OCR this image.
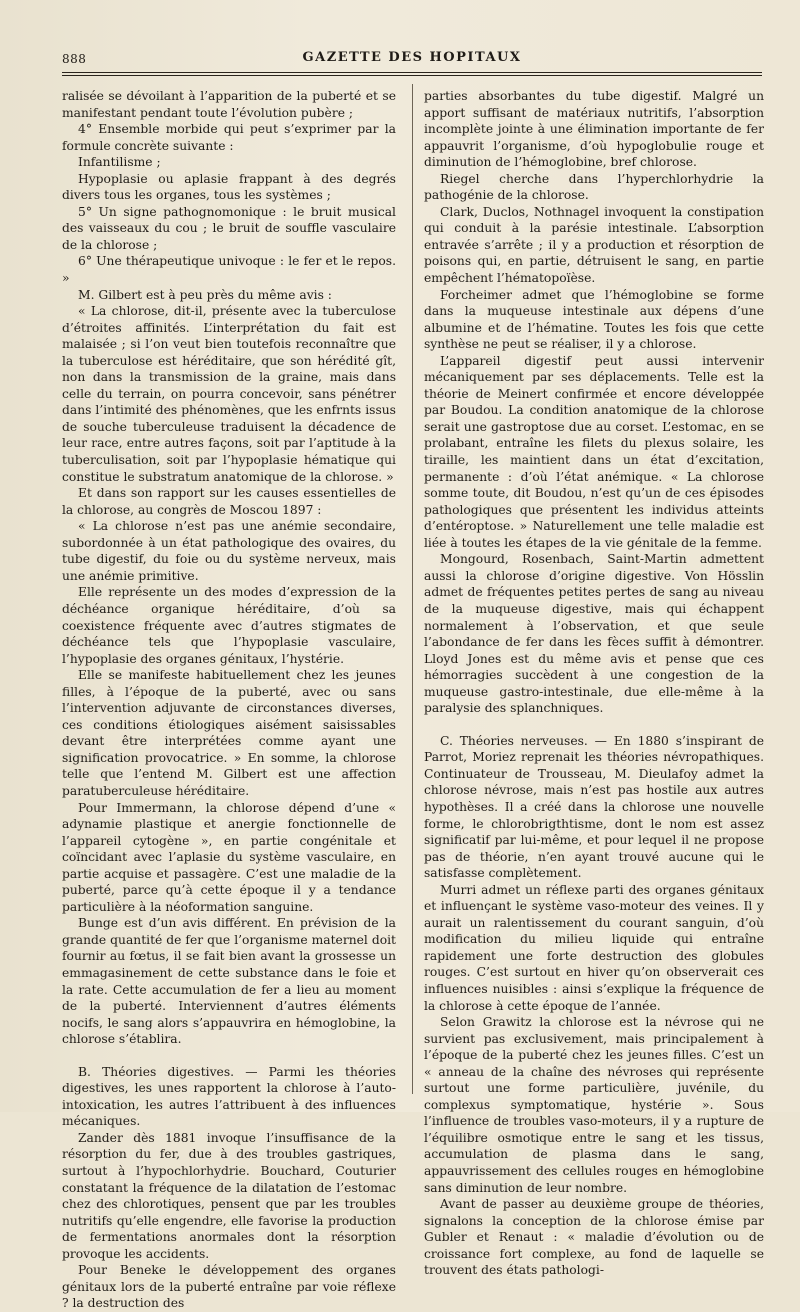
888	GAZETTE DES HOPITAUX

ralisée se dévoilant à l’apparition de la puberté et se manifestant pendant toute l’évolution pubère ;

4° Ensemble morbide qui peut s’exprimer par la formule concrète suivante :

Infantilisme ;

Hypoplasie ou aplasie frappant à des degrés divers tous les organes, tous les systèmes ;

5° Un signe pathognomonique : le bruit musical des vaisseaux du cou ; le bruit de souffle vasculaire de la chlorose ;

6° Une thérapeutique univoque : le fer et le repos. »

M. Gilbert est à peu près du même avis :

« La chlorose, dit-il, présente avec la tuberculose d’étroites affinités. L’interprétation du fait est malaisée ; si l’on veut bien toutefois reconnaître que la tuberculose est héréditaire, que son hérédité gît, non dans la transmission de la graine, mais dans celle du terrain, on pourra concevoir, sans pénétrer dans l’intimité des phénomènes, que les enfrnts issus de souche tuberculeuse traduisent la décadence de leur race, entre autres façons, soit par l’aptitude à la tuberculisation, soit par l’hypoplasie hématique qui constitue le substratum anatomique de la chlorose. »

Et dans son rapport sur les causes essentielles de la chlorose, au congrès de Moscou 1897 :

« La chlorose n’est pas une anémie secondaire, subordonnée à un état pathologique des ovaires, du tube digestif, du foie ou du système nerveux, mais une anémie primitive.

Elle représente un des modes d’expression de la déchéance organique héréditaire, d’où sa coexistence fréquente avec d’autres stigmates de déchéance tels que l’hypoplasie vasculaire, l’hypoplasie des organes génitaux, l’hystérie.

Elle se manifeste habituellement chez les jeunes filles, à l’époque de la puberté, avec ou sans l’intervention adjuvante de circonstances diverses, ces conditions étiologiques aisément saisissables devant être interprétées comme ayant une signification provocatrice. » En somme, la chlorose telle que l’entend M. Gilbert est une affection paratuberculeuse héréditaire.

Pour Immermann, la chlorose dépend d’une « adynamie plastique et anergie fonctionnelle de l’appareil cytogène », en partie congénitale et coïncidant avec l’aplasie du système vasculaire, en partie acquise et passagère. C’est une maladie de la puberté, parce qu’à cette époque il y a tendance particulière à la néoformation sanguine.

Bunge est d’un avis différent. En prévision de la grande quantité de fer que l’organisme maternel doit fournir au fœtus, il se fait bien avant la grossesse un emmagasinement de cette substance dans le foie et la rate. Cette accumulation de fer a lieu au moment de la puberté. Interviennent d’autres éléments nocifs, le sang alors s’appauvrira en hémoglobine, la chlorose s’établira.

B. Théories digestives. — Parmi les théories digestives, les unes rapportent la chlorose à l’auto-intoxication, les autres l’attribuent à des influences mécaniques.

Zander dès 1881 invoque l’insuffisance de la résorption du fer, due à des troubles gastriques, surtout à l’hypochlorhydrie. Bouchard, Couturier constatant la fréquence de la dilatation de l’estomac chez des chlorotiques, pensent que par les troubles nutritifs qu’elle engendre, elle favorise la production de fermentations anormales dont la résorption provoque les accidents.

Pour Beneke le développement des organes génitaux lors de la puberté entraîne par voie réflexe ? la destruction des

parties absorbantes du tube digestif. Malgré un apport suffisant de matériaux nutritifs, l’absorption incomplète jointe à une élimination importante de fer appauvrit l’organisme, d’où hypoglobulie rouge et diminution de l’hémoglobine, bref chlorose.

Riegel cherche dans l’hyperchlorhydrie la pathogénie de la chlorose.

Clark, Duclos, Nothnagel invoquent la constipation qui conduit à la parésie intestinale. L’absorption entravée s’arrête ; il y a production et résorption de poisons qui, en partie, détruisent le sang, en partie empêchent l’hématopoïèse.

Forcheimer admet que l’hémoglobine se forme dans la muqueuse intestinale aux dépens d’une albumine et de l’hématine. Toutes les fois que cette synthèse ne peut se réaliser, il y a chlorose.

L’appareil digestif peut aussi intervenir mécaniquement par ses déplacements. Telle est la théorie de Meinert confirmée et encore développée par Boudou. La condition anatomique de la chlorose serait une gastroptose due au corset. L’estomac, en se prolabant, entraîne les filets du plexus solaire, les tiraille, les maintient dans un état d’excitation, permanente : d’où l’état anémique. « La chlorose somme toute, dit Boudou, n’est qu’un de ces épisodes pathologiques que présentent les individus atteints d’entéroptose. » Naturellement une telle maladie est liée à toutes les étapes de la vie génitale de la femme.

Mongourd, Rosenbach, Saint-Martin admettent aussi la chlorose d’origine digestive. Von Hösslin admet de fréquentes petites pertes de sang au niveau de la muqueuse digestive, mais qui échappent normalement à l’observation, et que seule l’abondance de fer dans les fèces suffit à démontrer. Lloyd Jones est du même avis et pense que ces hémorragies succèdent à une congestion de la muqueuse gastro-intestinale, due elle-même à la paralysie des splanchniques.

C. Théories nerveuses. — En 1880 s’inspirant de Parrot, Moriez reprenait les théories névropathiques. Continuateur de Trousseau, M. Dieulafoy admet la chlorose névrose, mais n’est pas hostile aux autres hypothèses. Il a créé dans la chlorose une nouvelle forme, le chlorobrigthtisme, dont le nom est assez significatif par lui-même, et pour lequel il ne propose pas de théorie, n’en ayant trouvé aucune qui le satisfasse complètement.

Murri admet un réflexe parti des organes génitaux et influençant le système vaso-moteur des veines. Il y aurait un ralentissement du courant sanguin, d’où modification du milieu liquide qui entraîne rapidement une forte destruction des globules rouges. C’est surtout en hiver qu’on observerait ces influences nuisibles : ainsi s’explique la fréquence de la chlorose à cette époque de l’année.

Selon Grawitz la chlorose est la névrose qui ne survient pas exclusivement, mais principalement à l’époque de la puberté chez les jeunes filles. C’est un « anneau de la chaîne des névroses qui représente surtout une forme particulière, juvénile, du complexus symptomatique, hystérie ». Sous l’influence de troubles vaso-moteurs, il y a rupture de l’équilibre osmotique entre le sang et les tissus, accumulation de plasma dans le sang, appauvrissement des cellules rouges en hémoglobine sans diminution de leur nombre.

Avant de passer au deuxième groupe de théories, signalons la conception de la chlorose émise par Gubler et Renaut : « maladie d’évolution ou de croissance fort complexe, au fond de laquelle se trouvent des états pathologi-
